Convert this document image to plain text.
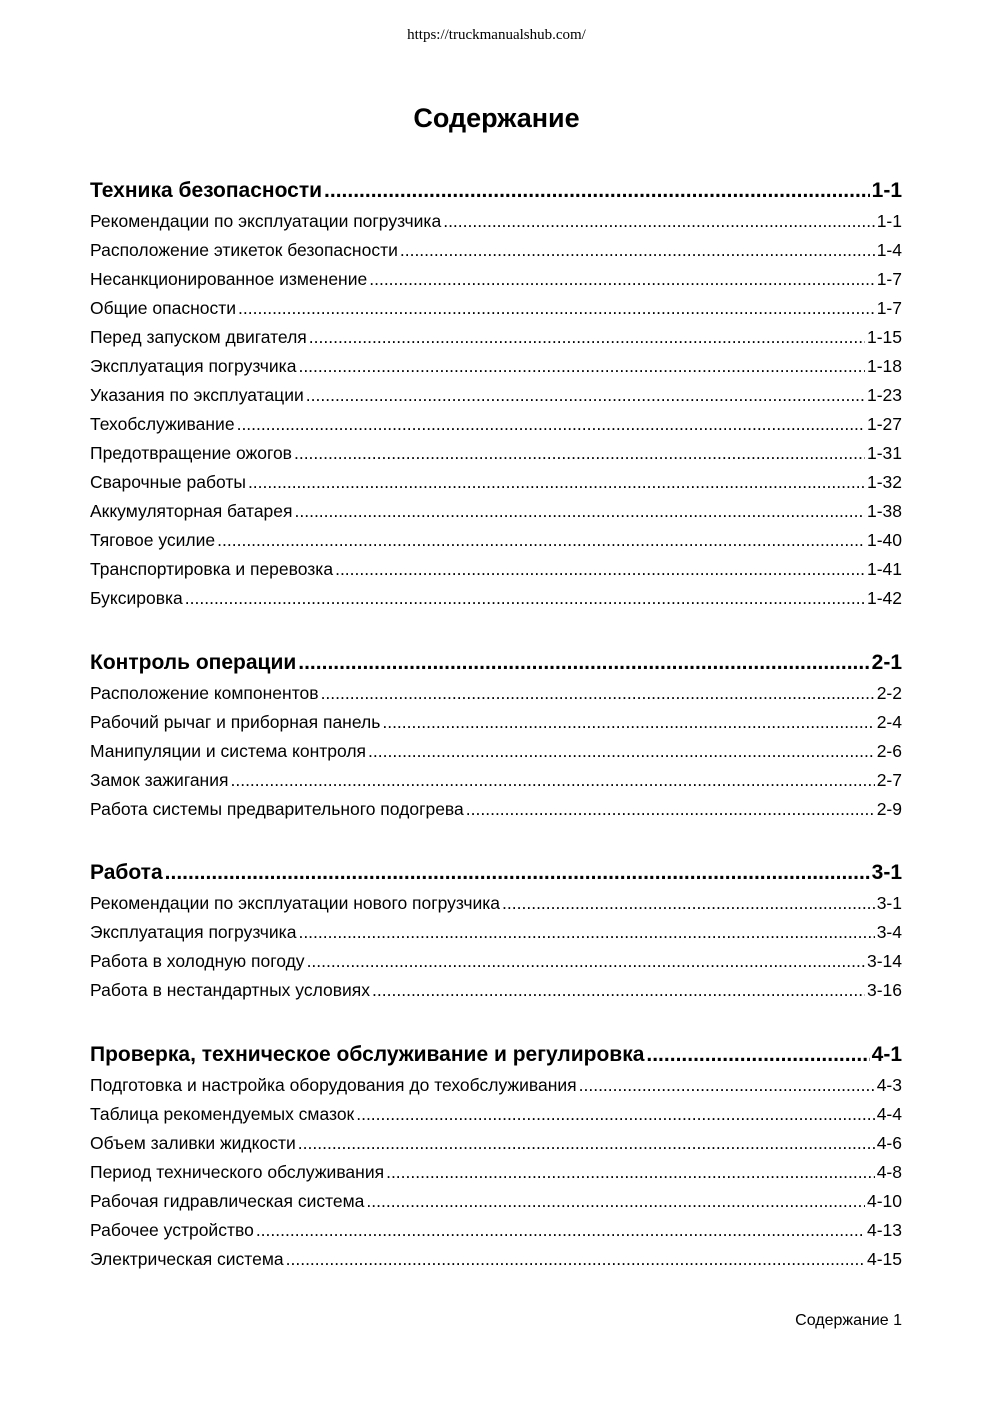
https://truckmanualshub.com/
Содержание
Техника безопасности .....	1-1
Рекомендации по эксплуатации погрузчика .....	1-1
Расположение этикеток безопасности .....	1-4
Несанкционированное изменение .....	1-7
Общие опасности .....	1-7
Перед запуском двигателя .....	1-15
Эксплуатация погрузчика .....	1-18
Указания по эксплуатации .....	1-23
Техобслуживание .....	1-27
Предотвращение ожогов .....	1-31
Сварочные работы .....	1-32
Аккумуляторная батарея .....	1-38
Тяговое усилие .....	1-40
Транспортировка и перевозка .....	1-41
Буксировка .....	1-42
Контроль операции .....	2-1
Расположение компонентов .....	2-2
Рабочий рычаг и приборная панель .....	2-4
Манипуляции и система контроля .....	2-6
Замок зажигания .....	2-7
Работа системы предварительного подогрева .....	2-9
Работа .....	3-1
Рекомендации по эксплуатации нового погрузчика .....	3-1
Эксплуатация погрузчика .....	3-4
Работа в холодную погоду .....	3-14
Работа в нестандартных условиях .....	3-16
Проверка, техническое обслуживание и регулировка .....	4-1
Подготовка и настройка оборудования до техобслуживания .....	4-3
Таблица рекомендуемых смазок .....	4-4
Объем заливки жидкости .....	4-6
Период технического обслуживания .....	4-8
Рабочая гидравлическая система .....	4-10
Рабочее устройство .....	4-13
Электрическая система .....	4-15
Содержание 1
